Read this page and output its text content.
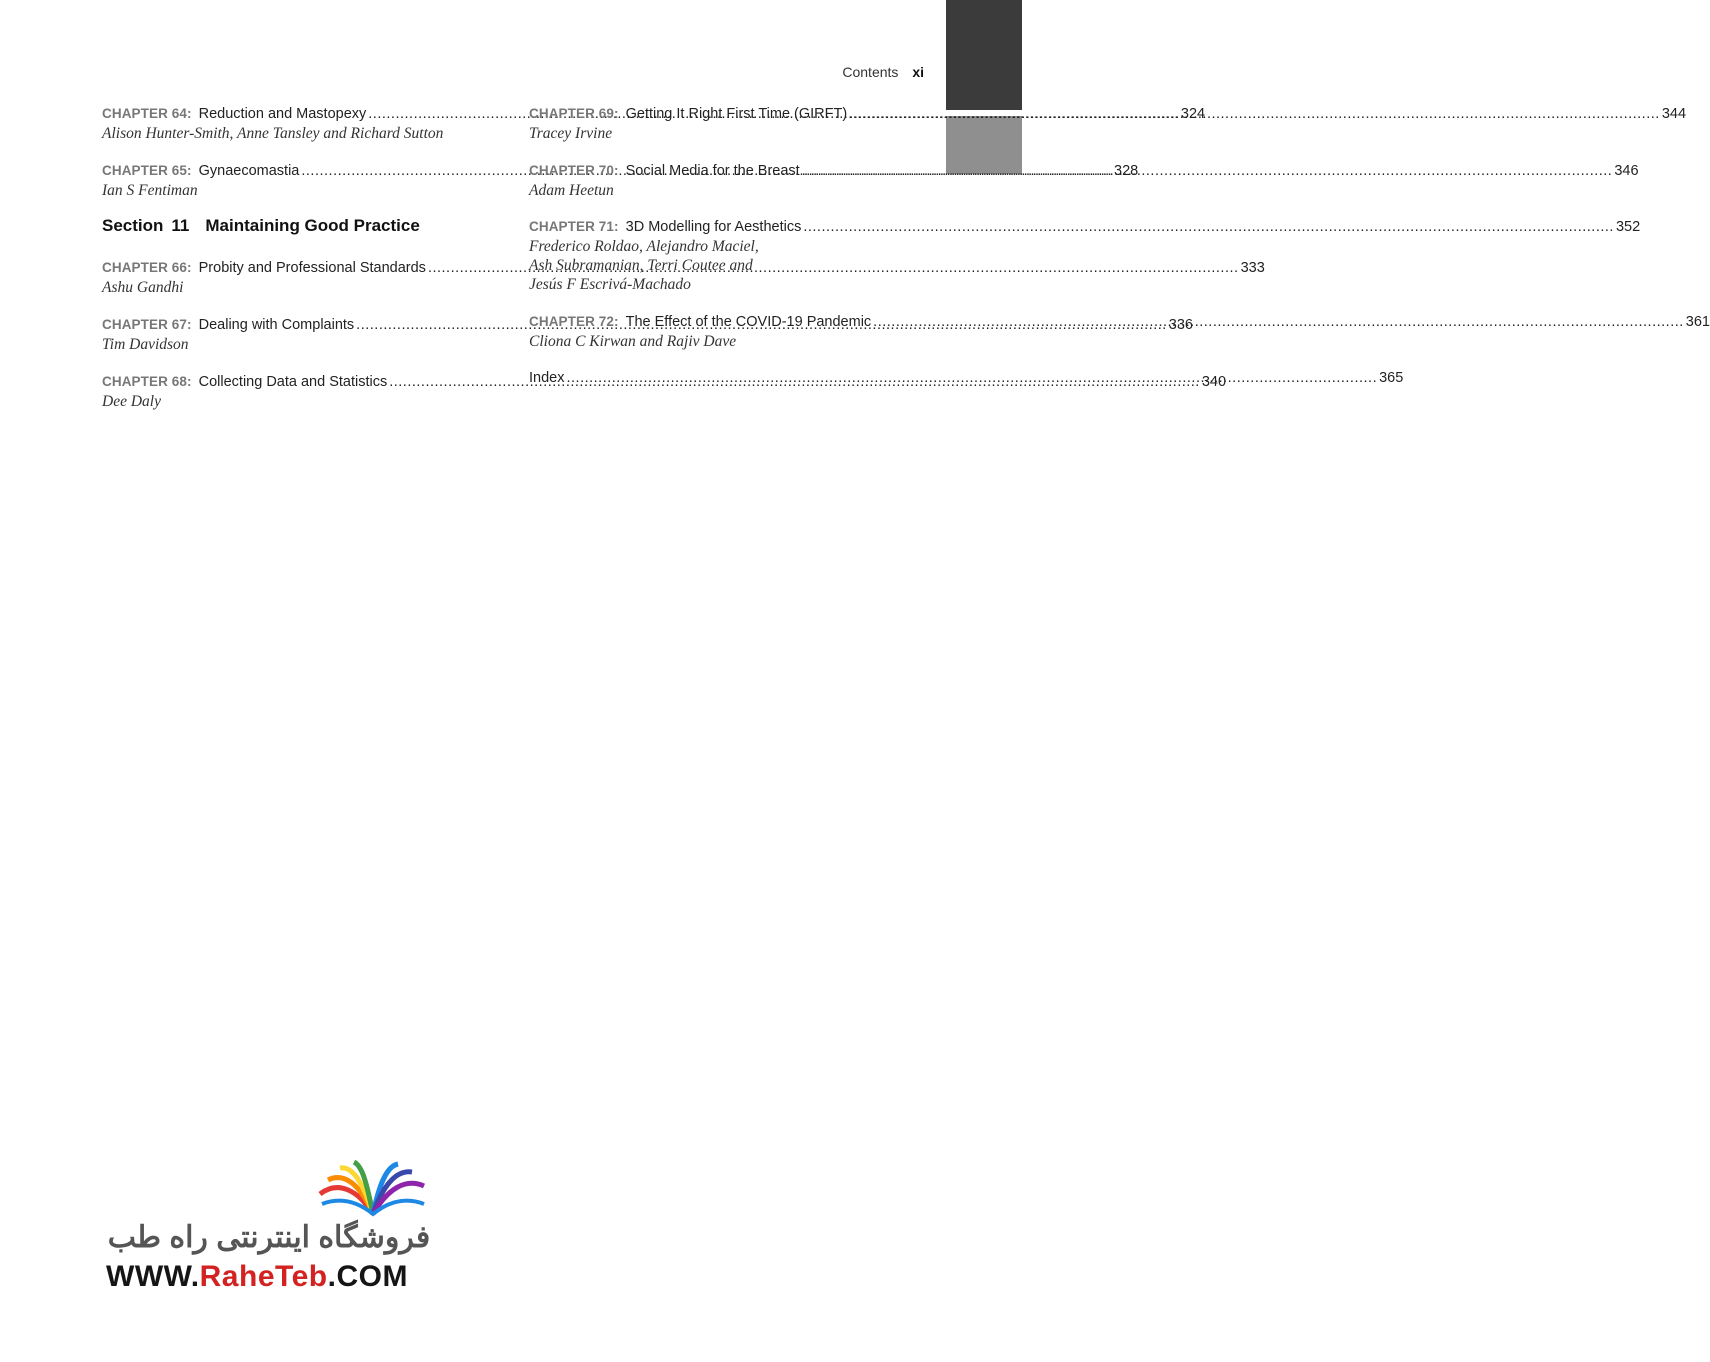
Contents xi
CHAPTER 64: Reduction and Mastopexy .....	324
Alison Hunter-Smith, Anne Tansley and Richard Sutton
CHAPTER 65: Gynaecomastia .....	328
Ian S Fentiman
Section 11 Maintaining Good Practice
CHAPTER 66: Probity and Professional Standards .....	333
Ashu Gandhi
CHAPTER 67: Dealing with Complaints .....	336
Tim Davidson
CHAPTER 68: Collecting Data and Statistics .....	340
Dee Daly
CHAPTER 69: Getting It Right First Time (GIRFT) .....	344
Tracey Irvine
CHAPTER 70: Social Media for the Breast .....	346
Adam Heetun
CHAPTER 71: 3D Modelling for Aesthetics .....	352
Frederico Roldao, Alejandro Maciel,
Ash Subramanian, Terri Coutee and
Jesús F Escrivá-Machado
CHAPTER 72: The Effect of the COVID-19 Pandemic .....	361
Cliona C Kirwan and Rajiv Dave
Index .....	365
فروشگاه اینترنتی راه طب
WWW.RaheTeb.COM
